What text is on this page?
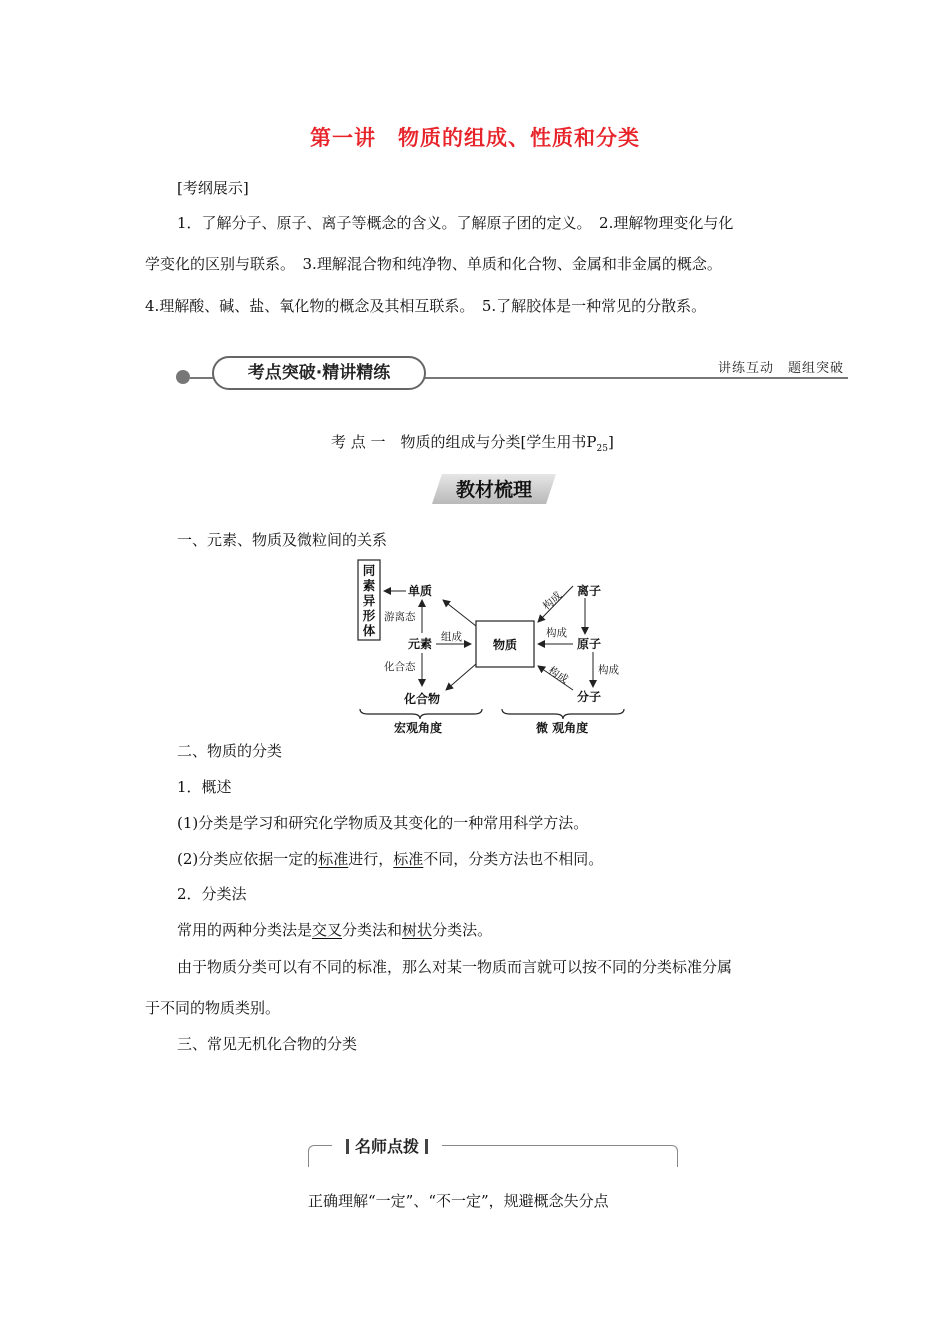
第一讲　物质的组成、性质和分类
[考纲展示]
1．了解分子、原子、离子等概念的含义。了解原子团的定义。　2.理解物理变化与化
学变化的区别与联系。　3.理解混合物和纯净物、单质和化合物、金属和非金属的概念。
4.理解酸、碱、盐、氧化物的概念及其相互联系。　5.了解胶体是一种常见的分散系。
考点突破·精讲精练	讲练互动　题组突破
考 点 一　物质的组成与分类[学生用书$P_{25}$]
教材梳理
一、元素、物质及微粒间的关系
同
素
异
形
体
单质
游离态
元素 组成
化合态
化合物
物质
离子
原子
分子
构成
构成
构成	构成
宏观角度	微 观角度
二、物质的分类
1．概述
(1)分类是学习和研究化学物质及其变化的一种常用科学方法。
(2)分类应依据一定的标准进行，标准不同，分类方法也不相同。
2．分类法
常用的两种分类法是交叉分类法和树状分类法。
由于物质分类可以有不同的标准，那么对某一物质而言就可以按不同的分类标准分属
于不同的物质类别。
三、常见无机化合物的分类
名师点拨
正确理解“一定”、“不一定”，规避概念失分点
